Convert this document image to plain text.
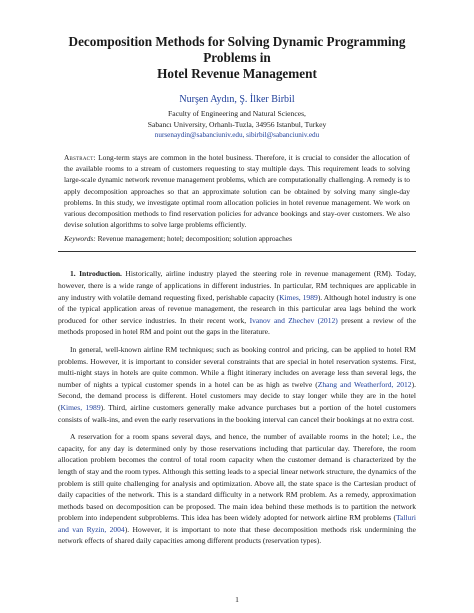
Decomposition Methods for Solving Dynamic Programming Problems in
Hotel Revenue Management
Nurşen Aydın, Ş. İlker Birbil
Faculty of Engineering and Natural Sciences,
Sabancı University, Orhanlı-Tuzla, 34956 Istanbul, Turkey
nursenaydin@sabanciuniv.edu, sibirbil@sabanciuniv.edu
Abstract: Long-term stays are common in the hotel business. Therefore, it is crucial to consider the allocation of the available rooms to a stream of customers requesting to stay multiple days. This requirement leads to solving large-scale dynamic network revenue management problems, which are computationally challenging. A remedy is to apply decomposition approaches so that an approximate solution can be obtained by solving many single-day problems. In this study, we investigate optimal room allocation policies in hotel revenue management. We work on various decomposition methods to find reservation policies for advance bookings and stay-over customers. We also devise solution algorithms to solve large problems efficiently.
Keywords: Revenue management; hotel; decomposition; solution approaches

1. Introduction. Historically, airline industry played the steering role in revenue management (RM). Today, however, there is a wide range of applications in different industries. In particular, RM techniques are applicable in any industry with volatile demand requesting fixed, perishable capacity (Kimes, 1989). Although hotel industry is one of the typical application areas of revenue management, the research in this particular area lags behind the work produced for other service industries. In their recent work, Ivanov and Zhechev (2012) present a review of the methods proposed in hotel RM and point out the gaps in the literature.

In general, well-known airline RM techniques; such as booking control and pricing, can be applied to hotel RM problems. However, it is important to consider several constraints that are special in hotel reservation systems. First, multi-night stays in hotels are quite common. While a flight itinerary includes on average less than several legs, the number of nights a typical customer spends in a hotel can be as high as twelve (Zhang and Weatherford, 2012). Second, the demand process is different. Hotel customers may decide to stay longer while they are in the hotel (Kimes, 1989). Third, airline customers generally make advance purchases but a portion of the hotel customers consists of walk-ins, and even the early reservations in the booking interval can cancel their bookings at no extra cost.

A reservation for a room spans several days, and hence, the number of available rooms in the hotel; i.e., the capacity, for any day is determined only by those reservations including that particular day. Therefore, the room allocation problem becomes the control of total room capacity when the customer demand is characterized by the length of stay and the room types. Although this setting leads to a special linear network structure, the dynamics of the problem is still quite challenging for analysis and optimization. Above all, the state space is the Cartesian product of daily capacities of the network. This is a standard difficulty in a network RM problem. As a remedy, approximation methods based on decomposition can be proposed. The main idea behind these methods is to partition the network problem into independent subproblems. This idea has been widely adopted for network airline RM problems (Talluri and van Ryzin, 2004). However, it is important to note that these decomposition methods risk undermining the network effects of shared daily capacities among different products (reservation types).

1
